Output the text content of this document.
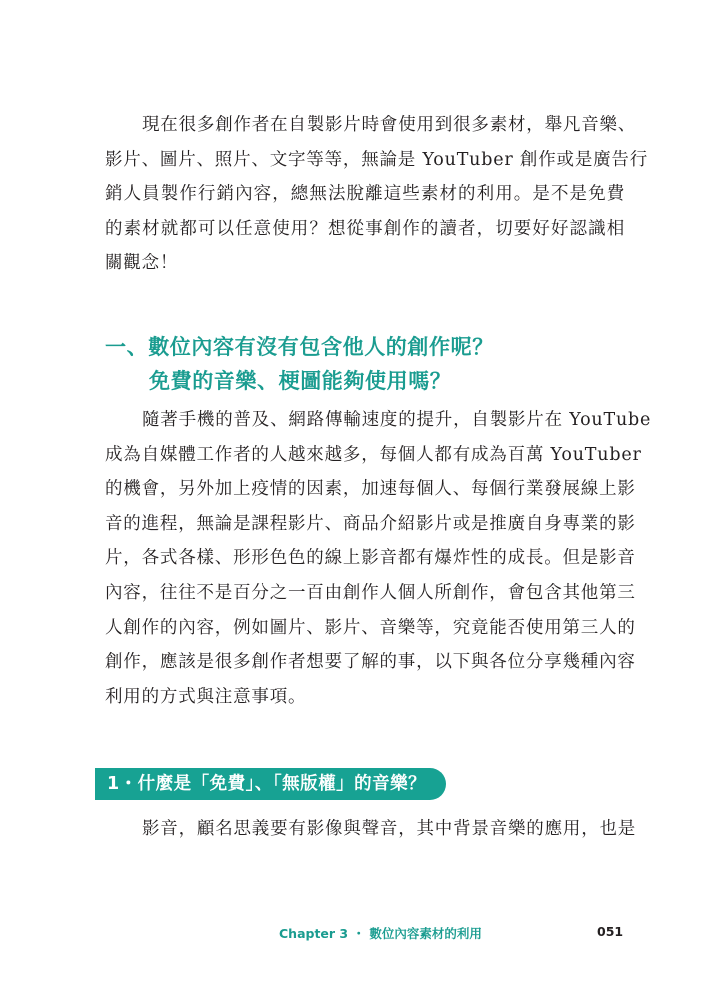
現在很多創作者在自製影片時會使用到很多素材，舉凡音樂、
影片、圖片、照片、文字等等，無論是 YouTuber 創作或是廣告行
銷人員製作行銷內容，總無法脫離這些素材的利用。是不是免費
的素材就都可以任意使用？想從事創作的讀者，切要好好認識相
關觀念！

一、數位內容有沒有包含他人的創作呢？
免費的音樂、梗圖能夠使用嗎？

隨著手機的普及、網路傳輸速度的提升，自製影片在 YouTube
成為自媒體工作者的人越來越多，每個人都有成為百萬 YouTuber
的機會，另外加上疫情的因素，加速每個人、每個行業發展線上影
音的進程，無論是課程影片、商品介紹影片或是推廣自身專業的影
片，各式各樣、形形色色的線上影音都有爆炸性的成長。但是影音
內容，往往不是百分之一百由創作人個人所創作，會包含其他第三
人創作的內容，例如圖片、影片、音樂等，究竟能否使用第三人的
創作，應該是很多創作者想要了解的事，以下與各位分享幾種內容
利用的方式與注意事項。

1・什麼是「免費」、「無版權」的音樂？

影音，顧名思義要有影像與聲音，其中背景音樂的應用，也是

Chapter 3 ・ 數位內容素材的利用	051
